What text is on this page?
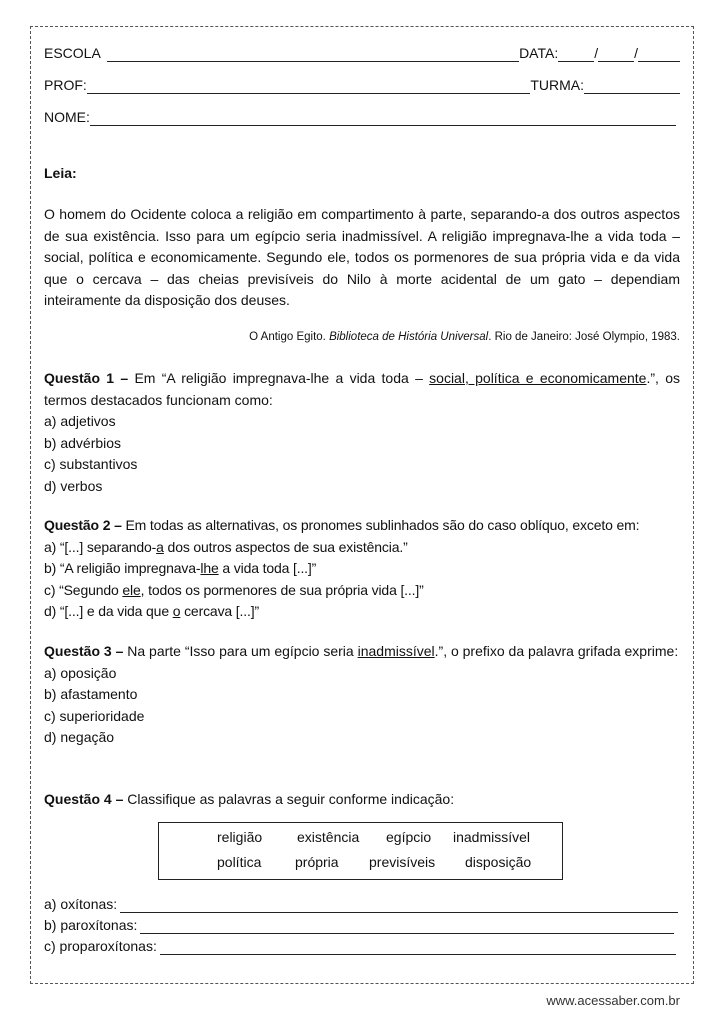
ESCOLA	DATA:	/	/
PROF:	TURMA:
NOME:
Leia:
O homem do Ocidente coloca a religião em compartimento à parte, separando-a dos outros aspectos de sua existência. Isso para um egípcio seria inadmissível. A religião impregnava-lhe a vida toda – social, política e economicamente. Segundo ele, todos os pormenores de sua própria vida e da vida que o cercava – das cheias previsíveis do Nilo à morte acidental de um gato – dependiam inteiramente da disposição dos deuses.
O Antigo Egito. Biblioteca de História Universal. Rio de Janeiro: José Olympio, 1983.
Questão 1 – Em “A religião impregnava-lhe a vida toda – social, política e economicamente.”, os termos destacados funcionam como:
a) adjetivos
b) advérbios
c) substantivos
d) verbos
Questão 2 – Em todas as alternativas, os pronomes sublinhados são do caso oblíquo, exceto em:
a) “[...] separando-a dos outros aspectos de sua existência.”
b) “A religião impregnava-lhe a vida toda [...]”
c) “Segundo ele, todos os pormenores de sua própria vida [...]”
d) “[...] e da vida que o cercava [...]”
Questão 3 – Na parte “Isso para um egípcio seria inadmissível.”, o prefixo da palavra grifada exprime:
a) oposição
b) afastamento
c) superioridade
d) negação
Questão 4 – Classifique as palavras a seguir conforme indicação:
religião existência egípcio inadmissível
política própria previsíveis disposição
a) oxítonas:
b) paroxítonas:
c) proparoxítonas:
www.acessaber.com.br
